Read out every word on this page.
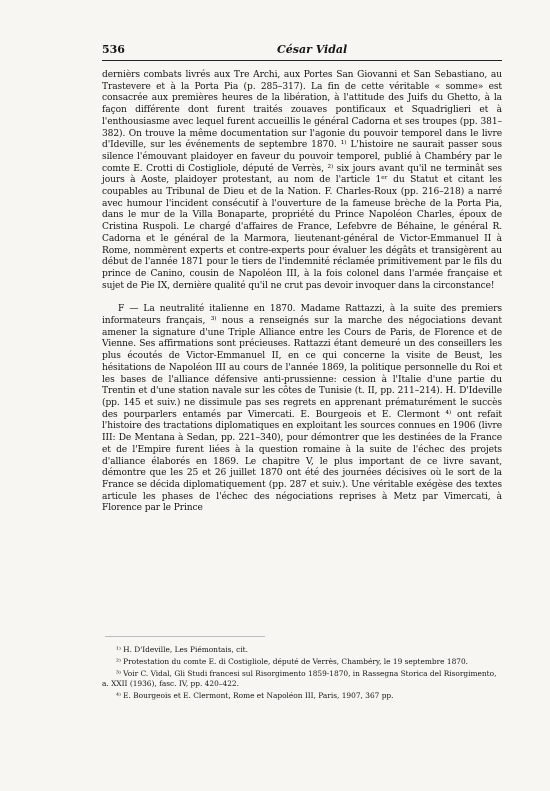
536	César Vidal

dernièrs combats livrés aux Tre Archi, aux Portes San Giovanni et San Sebastiano, au Trastevere et à la Porta Pia (p. 285–317). La fin de cette véritable « somme» est consacrée aux premières heures de la libération, à l'attitude des Juifs du Ghetto, à la façon différente dont furent traités zouaves pontificaux et Squadriglieri et à l'enthousiasme avec lequel furent accueillis le général Cadorna et ses troupes (pp. 381–382). On trouve la même documentation sur l'agonie du pouvoir temporel dans le livre d'Ideville, sur les événements de septembre 1870. ¹⁾ L'histoire ne saurait passer sous silence l'émouvant plaidoyer en faveur du pouvoir temporel, publié à Chambéry par le comte E. Crotti di Costigliole, député de Verrès, ²⁾ six jours avant qu'il ne terminât ses jours à Aoste, plaidoyer protestant, au nom de l'article 1ᵉʳ du Statut et citant les coupables au Tribunal de Dieu et de la Nation. F. Charles-Roux (pp. 216–218) a narré avec humour l'incident consécutif à l'ouverture de la fameuse brèche de la Porta Pia, dans le mur de la Villa Bonaparte, propriété du Prince Napoléon Charles, époux de Cristina Ruspoli. Le chargé d'affaires de France, Lefebvre de Béhaine, le général R. Cadorna et le général de la Marmora, lieutenant-général de Victor-Emmanuel II à Rome, nommèrent experts et contre-experts pour évaluer les dégâts et transigèrent au début de l'année 1871 pour le tiers de l'indemnité réclamée primitivement par le fils du prince de Canino, cousin de Napoléon III, à la fois colonel dans l'armée française et sujet de Pie IX, dernière qualité qu'il ne crut pas devoir invoquer dans la circonstance!

F — La neutralité italienne en 1870. Madame Rattazzi, à la suite des premiers informateurs français, ³⁾ nous a renseignés sur la marche des négociations devant amener la signature d'une Triple Alliance entre les Cours de Paris, de Florence et de Vienne. Ses affirmations sont précieuses. Rattazzi étant demeuré un des conseillers les plus écoutés de Victor-Emmanuel II, en ce qui concerne la visite de Beust, les hésitations de Napoléon III au cours de l'année 1869, la politique personnelle du Roi et les bases de l'alliance défensive anti-prussienne: cession à l'Italie d'une partie du Trentin et d'une station navale sur les côtes de Tunisie (t. II, pp. 211–214). H. D'Ideville (pp. 145 et suiv.) ne dissimule pas ses regrets en apprenant prématurément le succès des pourparlers entamés par Vimercati. E. Bourgeois et E. Clermont ⁴⁾ ont refait l'histoire des tractations diplomatiques en exploitant les sources connues en 1906 (livre III: De Mentana à Sedan, pp. 221–340), pour démontrer que les destinées de la France et de l'Empire furent liées à la question romaine à la suite de l'échec des projets d'alliance élaborés en 1869. Le chapitre V, le plus important de ce livre savant, démontre que les 25 et 26 juillet 1870 ont été des journées décisives où le sort de la France se décida diplomatiquement (pp. 287 et suiv.). Une véritable exégèse des textes articule les phases de l'échec des négociations reprises à Metz par Vimercati, à Florence par le Prince

¹⁾ H. D'Ideville, Les Piémontais, cit.

²⁾ Protestation du comte E. di Costigliole, député de Verrès, Chambéry, le 19 septembre 1870.

³⁾ Voir C. Vidal, Gli Studi francesi sul Risorgimento 1859-1870, in Rassegna Storica del Risorgimento, a. XXII (1936), fasc. IV, pp. 420–422.

⁴⁾ E. Bourgeois et E. Clermont, Rome et Napoléon III, Paris, 1907, 367 pp.
